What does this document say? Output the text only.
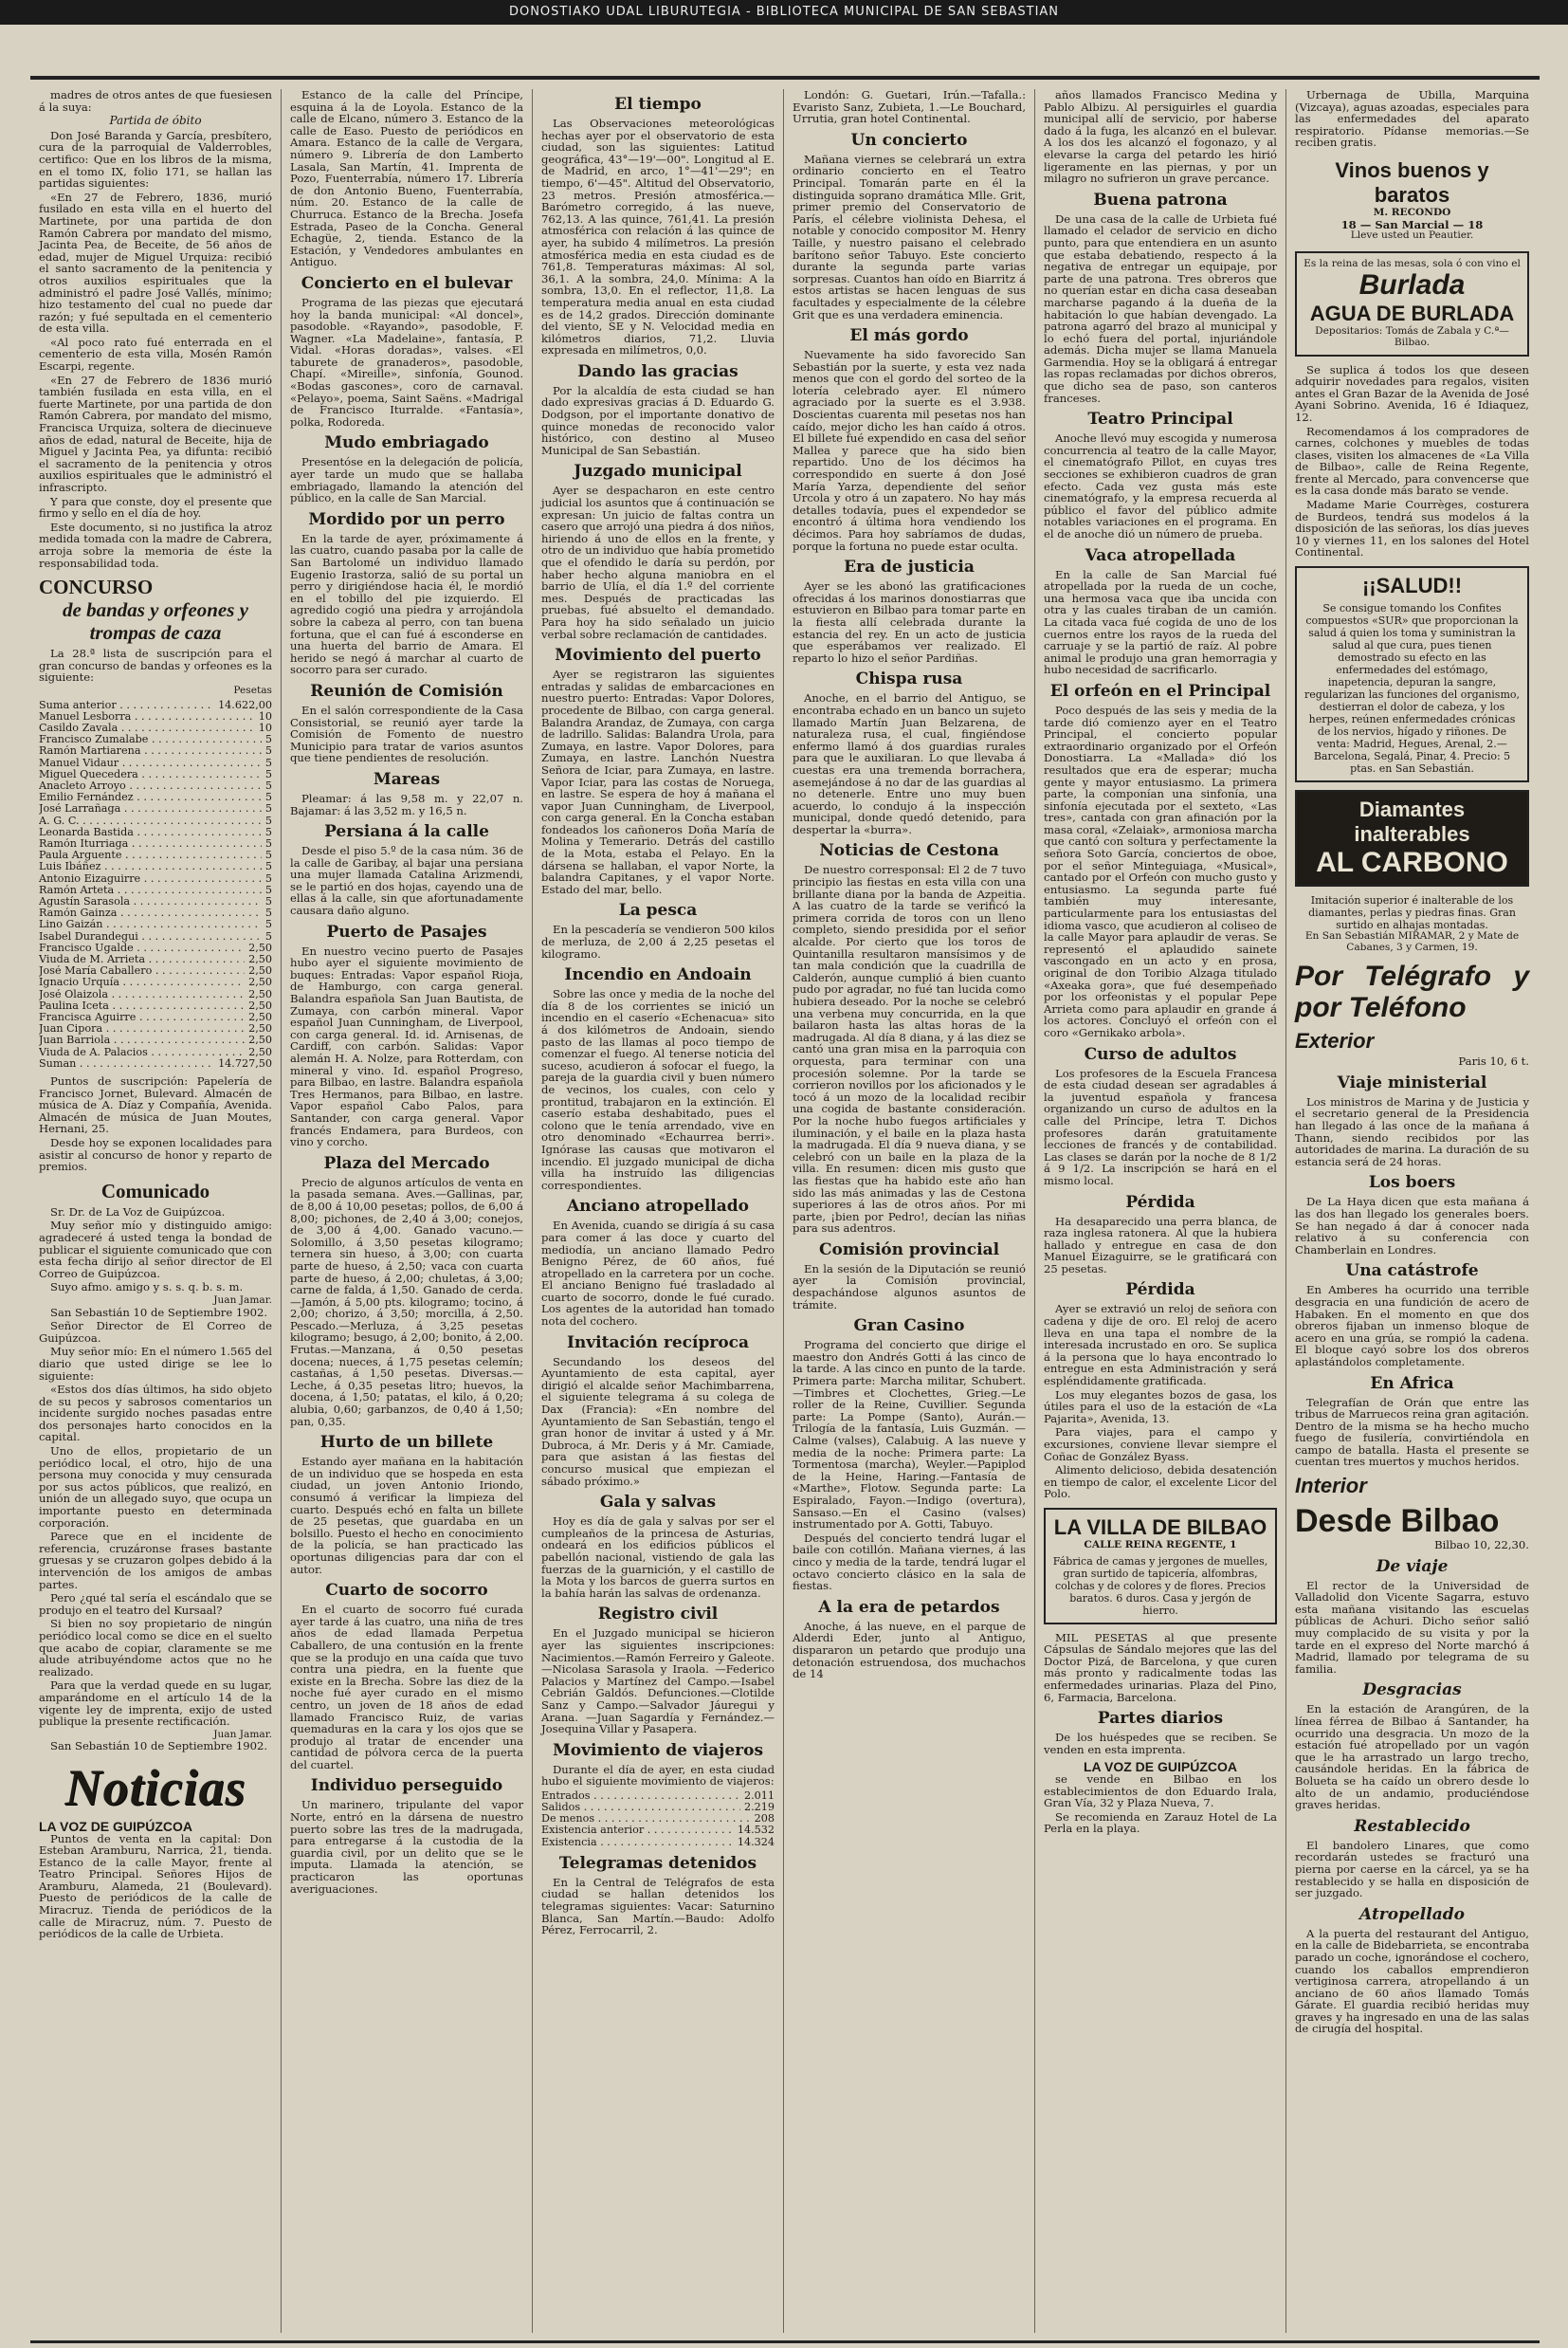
DONOSTIAKO UDAL LIBURUTEGIA - BIBLIOTECA MUNICIPAL DE SAN SEBASTIAN

madres de otros antes de que fuesiesen á la suya:

Partida de óbito

Don José Baranda y García, presbítero, cura de la parroquial de Valderrobles, certifico: Que en los libros de la misma, en el tomo IX, folio 171, se hallan las partidas siguientes:

«En 27 de Febrero, 1836, murió fusilado en esta villa en el huerto del Martinete, por una partida de don Ramón Cabrera por mandato del mismo, Jacinta Pea, de Beceite, de 56 años de edad, mujer de Miguel Urquiza: recibió el santo sacramento de la penitencia y otros auxilios espirituales que la administró el padre José Vallés, mínimo; hizo testamento del cual no puede dar razón; y fué sepultada en el cementerio de esta villa.

«Al poco rato fué enterrada en el cementerio de esta villa, Mosén Ramón Escarpi, regente.

«En 27 de Febrero de 1836 murió también fusilada en esta villa, en el fuerte Martinete, por una partida de don Ramón Cabrera, por mandato del mismo, Francisca Urquiza, soltera de diecinueve años de edad, natural de Beceite, hija de Miguel y Jacinta Pea, ya difunta: recibió el sacramento de la penitencia y otros auxilios espirituales que le administró el infrascripto.

Y para que conste, doy el presente que firmo y sello en el día de hoy.

Este documento, si no justifica la atroz medida tomada con la madre de Cabrera, arroja sobre la memoria de éste la responsabilidad toda.

CONCURSO
de bandas y orfeones y trompas de caza

La 28.ª lista de suscripción para el gran concurso de bandas y orfeones es la siguiente:

Pesetas
Suma anterior . . .	14.622,00
Manuel Lesborra . . .	10
Casildo Zavala . . .	10
Francisco Zumalabe . . .	5
Ramón Martiarena . . .	5
Manuel Vidaur . . .	5
Miguel Quecedera . . .	5
Anacleto Arroyo . . .	5
Emilio Fernández . . .	5
José Larrañaga . . .	5
A. G. C. . . .	5
Leonarda Bastida . . .	5
Ramón Iturriaga . . .	5
Paula Arguente . . .	5
Luis Ibáñez . . .	5
Antonio Eizaguirre . . .	5
Ramón Arteta . . .	5
Agustín Sarasola . . .	5
Ramón Gainza . . .	5
Lino Gaizán . . .	5
Isabel Durandegui . . .	5
Francisco Ugalde . . .	2,50
Viuda de M. Arrieta . . .	2,50
José María Caballero . . .	2,50
Ignacio Urquía . . .	2,50
José Olaizola . . .	2,50
Paulina Iceta . . .	2,50
Francisca Aguirre . . .	2,50
Juan Cipora . . .	2,50
Juan Barriola . . .	2,50
Viuda de A. Palacios . . .	2,50
Suman . . .	14.727,50

Puntos de suscripción: Papelería de Francisco Jornet, Bulevard. Almacén de música de A. Díaz y Compañía, Avenida. Almacén de música de Juan Moutes, Hernani, 25.

Desde hoy se exponen localidades para asistir al concurso de honor y reparto de premios.

Comunicado

Sr. Dr. de La Voz de Guipúzcoa.

Muy señor mío y distinguido amigo: agradeceré á usted tenga la bondad de publicar el siguiente comunicado que con esta fecha dirijo al señor director de El Correo de Guipúzcoa.

Suyo afmo. amigo y s. s. q. b. s. m.

Juan Jamar.

San Sebastián 10 de Septiembre 1902.

Señor Director de El Correo de Guipúzcoa.

Muy señor mío: En el número 1.565 del diario que usted dirige se lee lo siguiente:

«Estos dos días últimos, ha sido objeto de su pecos y sabrosos comentarios un incidente surgido noches pasadas entre dos personajes harto conocidos en la capital.

Uno de ellos, propietario de un periódico local, el otro, hijo de una persona muy conocida y muy censurada por sus actos públicos, que realizó, en unión de un allegado suyo, que ocupa un importante puesto en determinada corporación.

Parece que en el incidente de referencia, cruzáronse frases bastante gruesas y se cruzaron golpes debido á la intervención de los amigos de ambas partes.

Pero ¿qué tal sería el escándalo que se produjo en el teatro del Kursaal?

Si bien no soy propietario de ningún periódico local como se dice en el suelto que acabo de copiar, claramente se me alude atribuyéndome actos que no he realizado.

Para que la verdad quede en su lugar, amparándome en el artículo 14 de la vigente ley de imprenta, exijo de usted publique la presente rectificación.

Juan Jamar.

San Sebastián 10 de Septiembre 1902.

Noticias
LA VOZ DE GUIPÚZCOA

Puntos de venta en la capital: Don Esteban Aramburu, Narrica, 21, tienda. Estanco de la calle Mayor, frente al Teatro Principal. Señores Hijos de Aramburu, Alameda, 21 (Boulevard). Puesto de periódicos de la calle de Miracruz. Tienda de periódicos de la calle de Miracruz, núm. 7. Puesto de periódicos de la calle de Urbieta.

Estanco de la calle del Príncipe, esquina á la de Loyola. Estanco de la calle de Elcano, número 3. Estanco de la calle de Easo. Puesto de periódicos en Amara. Estanco de la calle de Vergara, número 9. Librería de don Lamberto Lasala, San Martín, 41. Imprenta de Pozo, Fuenterrabía, número 17. Librería de don Antonio Bueno, Fuenterrabía, núm. 20. Estanco de la calle de Churruca. Estanco de la Brecha. Josefa Estrada, Paseo de la Concha. General Echagüe, 2, tienda. Estanco de la Estación, y Vendedores ambulantes en Antiguo.

Concierto en el bulevar

Programa de las piezas que ejecutará hoy la banda municipal: «Al doncel», pasodoble. «Rayando», pasodoble, F. Wagner. «La Madelaine», fantasía, P. Vidal. «Horas doradas», valses. «El taburete de granaderos», pasodoble, Chapí. «Mireille», sinfonía, Gounod. «Bodas gascones», coro de carnaval. «Pelayo», poema, Saint Saëns. «Madrigal de Francisco Iturralde. «Fantasía», polka, Rodoreda.

Mudo embriagado

Presentóse en la delegación de policía, ayer tarde un mudo que se hallaba embriagado, llamando la atención del público, en la calle de San Marcial.

Mordido por un perro

En la tarde de ayer, próximamente á las cuatro, cuando pasaba por la calle de San Bartolomé un individuo llamado Eugenio Irastorza, salió de su portal un perro y dirigiéndose hacia él, le mordió en el tobillo del pie izquierdo. El agredido cogió una piedra y arrojándola sobre la cabeza al perro, con tan buena fortuna, que el can fué á esconderse en una huerta del barrio de Amara. El herido se negó á marchar al cuarto de socorro para ser curado.

Reunión de Comisión

En el salón correspondiente de la Casa Consistorial, se reunió ayer tarde la Comisión de Fomento de nuestro Municipio para tratar de varios asuntos que tiene pendientes de resolución.

Mareas

Pleamar: á las 9,58 m. y 22,07 n. Bajamar: á las 3,52 m. y 16,5 n.

Persiana á la calle

Desde el piso 5.º de la casa núm. 36 de la calle de Garibay, al bajar una persiana una mujer llamada Catalina Arizmendi, se le partió en dos hojas, cayendo una de ellas á la calle, sin que afortunadamente causara daño alguno.

Puerto de Pasajes

En nuestro vecino puerto de Pasajes hubo ayer el siguiente movimiento de buques: Entradas: Vapor español Rioja, de Hamburgo, con carga general. Balandra española San Juan Bautista, de Zumaya, con carbón mineral. Vapor español Juan Cunningham, de Liverpool, con carga general. Id. id. Arnisenas, de Cardiff, con carbón. Salidas: Vapor alemán H. A. Nolze, para Rotterdam, con mineral y vino. Id. español Progreso, para Bilbao, en lastre. Balandra española Tres Hermanos, para Bilbao, en lastre. Vapor español Cabo Palos, para Santander, con carga general. Vapor francés Endamera, para Burdeos, con vino y corcho.

Plaza del Mercado

Precio de algunos artículos de venta en la pasada semana. Aves.—Gallinas, par, de 8,00 á 10,00 pesetas; pollos, de 6,00 á 8,00; pichones, de 2,40 á 3,00; conejos, de 3,00 á 4,00. Ganado vacuno.—Solomillo, á 3,50 pesetas kilogramo; ternera sin hueso, á 3,00; con cuarta parte de hueso, á 2,50; vaca con cuarta parte de hueso, á 2,00; chuletas, á 3,00; carne de falda, á 1,50. Ganado de cerda.—Jamón, á 5,00 pts. kilogramo; tocino, á 2,00; chorizo, á 3,50; morcilla, á 2,50. Pescado.—Merluza, á 3,25 pesetas kilogramo; besugo, á 2,00; bonito, á 2,00. Frutas.—Manzana, á 0,50 pesetas docena; nueces, á 1,75 pesetas celemín; castañas, á 1,50 pesetas. Diversas.—Leche, á 0,35 pesetas litro; huevos, la docena, á 1,50; patatas, el kilo, á 0,20; alubia, 0,60; garbanzos, de 0,40 á 1,50; pan, 0,35.

Hurto de un billete

Estando ayer mañana en la habitación de un individuo que se hospeda en esta ciudad, un joven Antonio Iriondo, consumó á verificar la limpieza del cuarto. Después echó en falta un billete de 25 pesetas, que guardaba en un bolsillo. Puesto el hecho en conocimiento de la policía, se han practicado las oportunas diligencias para dar con el autor.

Cuarto de socorro

En el cuarto de socorro fué curada ayer tarde á las cuatro, una niña de tres años de edad llamada Perpetua Caballero, de una contusión en la frente que se la produjo en una caída que tuvo contra una piedra, en la fuente que existe en la Brecha. Sobre las diez de la noche fué ayer curado en el mismo centro, un joven de 18 años de edad llamado Francisco Ruiz, de varias quemaduras en la cara y los ojos que se produjo al tratar de encender una cantidad de pólvora cerca de la puerta del cuartel.

Individuo perseguido

Un marinero, tripulante del vapor Norte, entró en la dársena de nuestro puerto sobre las tres de la madrugada, para entregarse á la custodia de la guardia civil, por un delito que se le imputa. Llamada la atención, se practicaron las oportunas averiguaciones.

El tiempo

Las Observaciones meteorológicas hechas ayer por el observatorio de esta ciudad, son las siguientes: Latitud geográfica, 43°—19'—00". Longitud al E. de Madrid, en arco, 1°—41'—29"; en tiempo, 6'—45". Altitud del Observatorio, 23 metros. Presión atmosférica.—Barómetro corregido, á las nueve, 762,13. A las quince, 761,41. La presión atmosférica con relación á las quince de ayer, ha subido 4 milímetros. La presión atmosférica media en esta ciudad es de 761,8. Temperaturas máximas: Al sol, 36,1. A la sombra, 24,0. Mínima: A la sombra, 13,0. En el reflector, 11,8. La temperatura media anual en esta ciudad es de 14,2 grados. Dirección dominante del viento, SE y N. Velocidad media en kilómetros diarios, 71,2. Lluvia expresada en milímetros, 0,0.

Dando las gracias

Por la alcaldía de esta ciudad se han dado expresivas gracias á D. Eduardo G. Dodgson, por el importante donativo de quince monedas de reconocido valor histórico, con destino al Museo Municipal de San Sebastián.

Juzgado municipal

Ayer se despacharon en este centro judicial los asuntos que á continuación se expresan: Un juicio de faltas contra un casero que arrojó una piedra á dos niños, hiriendo á uno de ellos en la frente, y otro de un individuo que había prometido que el ofendido le daría su perdón, por haber hecho alguna maniobra en el barrio de Ulía, el día 1.º del corriente mes. Después de practicadas las pruebas, fué absuelto el demandado. Para hoy ha sido señalado un juicio verbal sobre reclamación de cantidades.

Movimiento del puerto

Ayer se registraron las siguientes entradas y salidas de embarcaciones en nuestro puerto: Entradas: Vapor Dolores, procedente de Bilbao, con carga general. Balandra Arandaz, de Zumaya, con carga de ladrillo. Salidas: Balandra Urola, para Zumaya, en lastre. Vapor Dolores, para Zumaya, en lastre. Lanchón Nuestra Señora de Iciar, para Zumaya, en lastre. Vapor Iciar, para las costas de Noruega, en lastre. Se espera de hoy á mañana el vapor Juan Cunningham, de Liverpool, con carga general. En la Concha estaban fondeados los cañoneros Doña María de Molina y Temerario. Detrás del castillo de la Mota, estaba el Pelayo. En la dársena se hallaban, el vapor Norte, la balandra Capitanes, y el vapor Norte. Estado del mar, bello.

La pesca

En la pescadería se vendieron 500 kilos de merluza, de 2,00 á 2,25 pesetas el kilogramo.

Incendio en Andoain

Sobre las once y media de la noche del día 8 de los corrientes se inició un incendio en el caserío «Echenacua» sito á dos kilómetros de Andoain, siendo pasto de las llamas al poco tiempo de comenzar el fuego. Al tenerse noticia del suceso, acudieron á sofocar el fuego, la pareja de la guardia civil y buen número de vecinos, los cuales, con celo y prontitud, trabajaron en la extinción. El caserío estaba deshabitado, pues el colono que le tenía arrendado, vive en otro denominado «Echaurrea berri». Ignórase las causas que motivaron el incendio. El juzgado municipal de dicha villa ha instruído las diligencias correspondientes.

Anciano atropellado

En Avenida, cuando se dirigía á su casa para comer á las doce y cuarto del mediodía, un anciano llamado Pedro Benigno Pérez, de 60 años, fué atropellado en la carretera por un coche. El anciano Benigno fué trasladado al cuarto de socorro, donde le fué curado. Los agentes de la autoridad han tomado nota del cochero.

Invitación recíproca

Secundando los deseos del Ayuntamiento de esta capital, ayer dirigió el alcalde señor Machimbarrena, el siguiente telegrama á su colega de Dax (Francia): «En nombre del Ayuntamiento de San Sebastián, tengo el gran honor de invitar á usted y á Mr. Dubroca, á Mr. Deris y á Mr. Camiade, para que asistan á las fiestas del concurso musical que empiezan el sábado próximo.»

Gala y salvas

Hoy es día de gala y salvas por ser el cumpleaños de la princesa de Asturias, ondeará en los edificios públicos el pabellón nacional, vistiendo de gala las fuerzas de la guarnición, y el castillo de la Mota y los barcos de guerra surtos en la bahía harán las salvas de ordenanza.

Registro civil

En el Juzgado municipal se hicieron ayer las siguientes inscripciones: Nacimientos.—Ramón Ferreiro y Galeote.—Nicolasa Sarasola y Iraola. —Federico Palacios y Martínez del Campo.—Isabel Cebrián Galdós. Defunciones.—Clotilde Sanz y Campo.—Salvador Jáuregui y Arana. —Juan Sagardía y Fernández.—Josequina Villar y Pasapera.

Movimiento de viajeros

Durante el día de ayer, en esta ciudad hubo el siguiente movimiento de viajeros:

Entrados . . .	2.011
Salidos . . .	2.219
De menos . . .	208
Existencia anterior . . .	14.532
Existencia . . .	14.324
Telegramas detenidos

En la Central de Telégrafos de esta ciudad se hallan detenidos los telegramas siguientes: Vacar: Saturnino Blanca, San Martín.—Baudo: Adolfo Pérez, Ferrocarril, 2.

Londón: G. Guetari, Irún.—Tafalla.: Evaristo Sanz, Zubieta, 1.—Le Bouchard, Urrutia, gran hotel Continental.

Un concierto

Mañana viernes se celebrará un extra ordinario concierto en el Teatro Principal. Tomarán parte en él la distinguida soprano dramática Mlle. Grit, primer premio del Conservatorio de París, el célebre violinista Dehesa, el notable y conocido compositor M. Henry Taille, y nuestro paisano el celebrado barítono señor Tabuyo. Este concierto durante la segunda parte varias sorpresas. Cuantos han oído en Biarritz á estos artistas se hacen lenguas de sus facultades y especialmente de la célebre Grit que es una verdadera eminencia.

El más gordo

Nuevamente ha sido favorecido San Sebastián por la suerte, y esta vez nada menos que con el gordo del sorteo de la lotería celebrado ayer. El número agraciado por la suerte es el 3.938. Doscientas cuarenta mil pesetas nos han caído, mejor dicho les han caído á otros. El billete fué expendido en casa del señor Mallea y parece que ha sido bien repartido. Uno de los décimos ha correspondido en suerte á don José María Yarza, dependiente del señor Urcola y otro á un zapatero. No hay más detalles todavía, pues el expendedor se encontró á última hora vendiendo los décimos. Para hoy sabríamos de dudas, porque la fortuna no puede estar oculta.

Era de justicia

Ayer se les abonó las gratificaciones ofrecidas á los marinos donostiarras que estuvieron en Bilbao para tomar parte en la fiesta allí celebrada durante la estancia del rey. En un acto de justicia que esperábamos ver realizado. El reparto lo hizo el señor Pardiñas.

Chispa rusa

Anoche, en el barrio del Antiguo, se encontraba echado en un banco un sujeto llamado Martín Juan Belzarena, de naturaleza rusa, el cual, fingiéndose enfermo llamó á dos guardias rurales para que le auxiliaran. Lo que llevaba á cuestas era una tremenda borrachera, asemejándose á no dar de las guardias al no detenerle. Entre uno muy buen acuerdo, lo condujo á la inspección municipal, donde quedó detenido, para despertar la «burra».

Noticias de Cestona

De nuestro corresponsal: El 2 de 7 tuvo principio las fiestas en esta villa con una brillante diana por la banda de Azpeitia. A las cuatro de la tarde se verificó la primera corrida de toros con un lleno completo, siendo presidida por el señor alcalde. Por cierto que los toros de Quintanilla resultaron mansísimos y de tan mala condición que la cuadrilla de Calderón, aunque cumplió á bien cuanto pudo por agradar, no fué tan lucida como hubiera deseado. Por la noche se celebró una verbena muy concurrida, en la que bailaron hasta las altas horas de la madrugada. Al día 8 diana, y á las diez se cantó una gran misa en la parroquia con orquesta, para terminar con una procesión solemne. Por la tarde se corrieron novillos por los aficionados y le tocó á un mozo de la localidad recibir una cogida de bastante consideración. Por la noche hubo fuegos artificiales y iluminación, y el baile en la plaza hasta la madrugada. El día 9 nueva diana, y se celebró con un baile en la plaza de la villa. En resumen: dicen mis gusto que las fiestas que ha habido este año han sido las más animadas y las de Cestona superiores á las de otros años. Por mi parte, ¡bien por Pedro!, decían las niñas para sus adentros.

Comisión provincial

En la sesión de la Diputación se reunió ayer la Comisión provincial, despachándose algunos asuntos de trámite.

Gran Casino

Programa del concierto que dirige el maestro don Andrés Gotti á las cinco de la tarde. A las cinco en punto de la tarde. Primera parte: Marcha militar, Schubert.—Timbres et Clochettes, Grieg.—Le roller de la Reine, Cuvillier. Segunda parte: La Pompe (Santo), Aurán.—Trilogía de la fantasía, Luis Guzmán. —Calme (valses), Calabuig. A las nueve y media de la noche: Primera parte: La Tormentosa (marcha), Weyler.—Papiplod de la Heine, Haring.—Fantasía de «Marthe», Flotow. Segunda parte: La Espiralado, Fayon.—Indigo (overtura), Sansaso.—En el Casino (valses) instrumentado por A. Gotti, Tabuyo.

Después del concierto tendrá lugar el baile con cotillón. Mañana viernes, á las cinco y media de la tarde, tendrá lugar el octavo concierto clásico en la sala de fiestas.

A la era de petardos

Anoche, á las nueve, en el parque de Alderdi Eder, junto al Antiguo, dispararon un petardo que produjo una detonación estruendosa, dos muchachos de 14

años llamados Francisco Medina y Pablo Albizu. Al persiguirles el guardia municipal allí de servicio, por haberse dado á la fuga, les alcanzó en el bulevar. A los dos les alcanzó el fogonazo, y al elevarse la carga del petardo les hirió ligeramente en las piernas, y por un milagro no sufrieron un grave percance.

Buena patrona

De una casa de la calle de Urbieta fué llamado el celador de servicio en dicho punto, para que entendiera en un asunto que estaba debatiendo, respecto á la negativa de entregar un equipaje, por parte de una patrona. Tres obreros que no querían estar en dicha casa deseaban marcharse pagando á la dueña de la habitación lo que habían devengado. La patrona agarró del brazo al municipal y lo echó fuera del portal, injuriándole además. Dicha mujer se llama Manuela Garmendia. Hoy se la obligará á entregar las ropas reclamadas por dichos obreros, que dicho sea de paso, son canteros franceses.

Teatro Principal

Anoche llevó muy escogida y numerosa concurrencia al teatro de la calle Mayor, el cinematógrafo Pillot, en cuyas tres secciones se exhibieron cuadros de gran efecto. Cada vez gusta más este cinematógrafo, y la empresa recuerda al público el favor del público admite notables variaciones en el programa. En el de anoche dió un número de prueba.

Vaca atropellada

En la calle de San Marcial fué atropellada por la rueda de un coche, una hermosa vaca que iba uncida con otra y las cuales tiraban de un camión. La citada vaca fué cogida de uno de los cuernos entre los rayos de la rueda del carruaje y se la partió de raíz. Al pobre animal le produjo una gran hemorragia y hubo necesidad de sacrificarlo.

El orfeón en el Principal

Poco después de las seis y media de la tarde dió comienzo ayer en el Teatro Principal, el concierto popular extraordinario organizado por el Orfeón Donostiarra. La «Mallada» dió los resultados que era de esperar; mucha gente y mayor entusiasmo. La primera parte, la componían una sinfonía, una sinfonía ejecutada por el sexteto, «Las tres», cantada con gran afinación por la masa coral, «Zelaiak», armoniosa marcha que cantó con soltura y perfectamente la señora Soto García, conciertos de oboe, por el señor Minteguiaga, «Musical», cantado por el Orfeón con mucho gusto y entusiasmo. La segunda parte fué también muy interesante, particularmente para los entusiastas del idioma vasco, que acudieron al coliseo de la calle Mayor para aplaudir de veras. Se representó el aplaudido sainete vascongado en un acto y en prosa, original de don Toribio Alzaga titulado «Axeaka gora», que fué desempeñado por los orfeonistas y el popular Pepe Arrieta como para aplaudir en grande á los actores. Concluyó el orfeón con el coro «Gernikako arbola».

Curso de adultos

Los profesores de la Escuela Francesa de esta ciudad desean ser agradables á la juventud española y francesa organizando un curso de adultos en la calle del Príncipe, letra T. Dichos profesores darán gratuitamente lecciones de francés y de contabilidad. Las clases se darán por la noche de 8 1/2 á 9 1/2. La inscripción se hará en el mismo local.

Pérdida

Ha desaparecido una perra blanca, de raza inglesa ratonera. Al que la hubiera hallado y entregue en casa de don Manuel Eizaguirre, se le gratificará con 25 pesetas.

Pérdida

Ayer se extravió un reloj de señora con cadena y dije de oro. El reloj de acero lleva en una tapa el nombre de la interesada incrustado en oro. Se suplica á la persona que lo haya encontrado lo entregue en esta Administración y será espléndidamente gratificada.

Los muy elegantes bozos de gasa, los útiles para el uso de la estación de «La Pajarita», Avenida, 13.

Para viajes, para el campo y excursiones, conviene llevar siempre el Coñac de González Byass.

Alimento delicioso, debida desatención en tiempo de calor, el excelente Licor del Polo.

LA VILLA DE BILBAO
CALLE REINA REGENTE, 1
Fábrica de camas y jergones de muelles, gran surtido de tapicería, alfombras, colchas y de colores y de flores. Precios baratos. 6 duros. Casa y jergón de hierro.

MIL PESETAS al que presente Cápsulas de Sándalo mejores que las del Doctor Pizá, de Barcelona, y que curen más pronto y radicalmente todas las enfermedades urinarias. Plaza del Pino, 6, Farmacia, Barcelona.

Partes diarios

De los huéspedes que se reciben. Se venden en esta imprenta.

LA VOZ DE GUIPÚZCOA

se vende en Bilbao en los establecimientos de don Eduardo Irala, Gran Vía, 32 y Plaza Nueva, 7.

Se recomienda en Zarauz Hotel de La Perla en la playa.

Urbernaga de Ubilla, Marquina (Vizcaya), aguas azoadas, especiales para las enfermedades del aparato respiratorio. Pídanse memorias.—Se reciben gratis.

Vinos buenos y baratos
M. RECONDO
18 — San Marcial — 18
Lleve usted un Peautier.
Es la reina de las mesas, sola ó con vino el
Burlada
AGUA DE BURLADA
Depositarios: Tomás de Zabala y C.ª—Bilbao.

Se suplica á todos los que deseen adquirir novedades para regalos, visiten antes el Gran Bazar de la Avenida de José Ayani Sobrino. Avenida, 16 é Idiaquez, 12.

Recomendamos á los compradores de carnes, colchones y muebles de todas clases, visiten los almacenes de «La Villa de Bilbao», calle de Reina Regente, frente al Mercado, para convencerse que es la casa donde más barato se vende.

Madame Marie Courrèges, costurera de Burdeos, tendrá sus modelos á la disposición de las señoras, los días jueves 10 y viernes 11, en los salones del Hotel Continental.

¡¡SALUD!!
Se consigue tomando los Confites compuestos «SUR» que proporcionan la salud á quien los toma y suministran la salud al que cura, pues tienen demostrado su efecto en las enfermedades del estómago, inapetencia, depuran la sangre, regularizan las funciones del organismo, destierran el dolor de cabeza, y los herpes, reúnen enfermedades crónicas de los nervios, hígado y riñones. De venta: Madrid, Hegues, Arenal, 2.—Barcelona, Segalá, Pinar, 4. Precio: 5 ptas. en San Sebastián.
Diamantes inalterables
AL CARBONO
Imitación superior é inalterable de los diamantes, perlas y piedras finas. Gran surtido en alhajas montadas.
En San Sebastián MIRAMAR, 2 y Mate de Cabanes, 3 y Carmen, 19.
Por Telégrafo y por Teléfono
Exterior
Paris 10, 6 t.
Viaje ministerial

Los ministros de Marina y de Justicia y el secretario general de la Presidencia han llegado á las once de la mañana á Thann, siendo recibidos por las autoridades de marina. La duración de su estancia será de 24 horas.

Los boers

De La Haya dicen que esta mañana á las dos han llegado los generales boers. Se han negado á dar á conocer nada relativo á su conferencia con Chamberlain en Londres.

Una catástrofe

En Amberes ha ocurrido una terrible desgracia en una fundición de acero de Habaken. En el momento en que dos obreros fijaban un inmenso bloque de acero en una grúa, se rompió la cadena. El bloque cayó sobre los dos obreros aplastándolos completamente.

En Africa

Telegrafían de Orán que entre las tribus de Marruecos reina gran agitación. Dentro de la misma se ha hecho mucho fuego de fusilería, convirtiéndola en campo de batalla. Hasta el presente se cuentan tres muertos y muchos heridos.

Interior
Desde Bilbao
Bilbao 10, 22,30.
De viaje

El rector de la Universidad de Valladolid don Vicente Sagarra, estuvo esta mañana visitando las escuelas públicas de Achuri. Dicho señor salió muy complacido de su visita y por la tarde en el expreso del Norte marchó á Madrid, llamado por telegrama de su familia.

Desgracias

En la estación de Arangúren, de la línea férrea de Bilbao á Santander, ha ocurrido una desgracia. Un mozo de la estación fué atropellado por un vagón que le ha arrastrado un largo trecho, causándole heridas. En la fábrica de Bolueta se ha caído un obrero desde lo alto de un andamio, produciéndose graves heridas.

Restablecido

El bandolero Linares, que como recordarán ustedes se fracturó una pierna por caerse en la cárcel, ya se ha restablecido y se halla en disposición de ser juzgado.

Atropellado

A la puerta del restaurant del Antiguo, en la calle de Bidebarrieta, se encontraba parado un coche, ignorándose el cochero, cuando los caballos emprendieron vertiginosa carrera, atropellando á un anciano de 60 años llamado Tomás Gárate. El guardia recibió heridas muy graves y ha ingresado en una de las salas de cirugía del hospital.
